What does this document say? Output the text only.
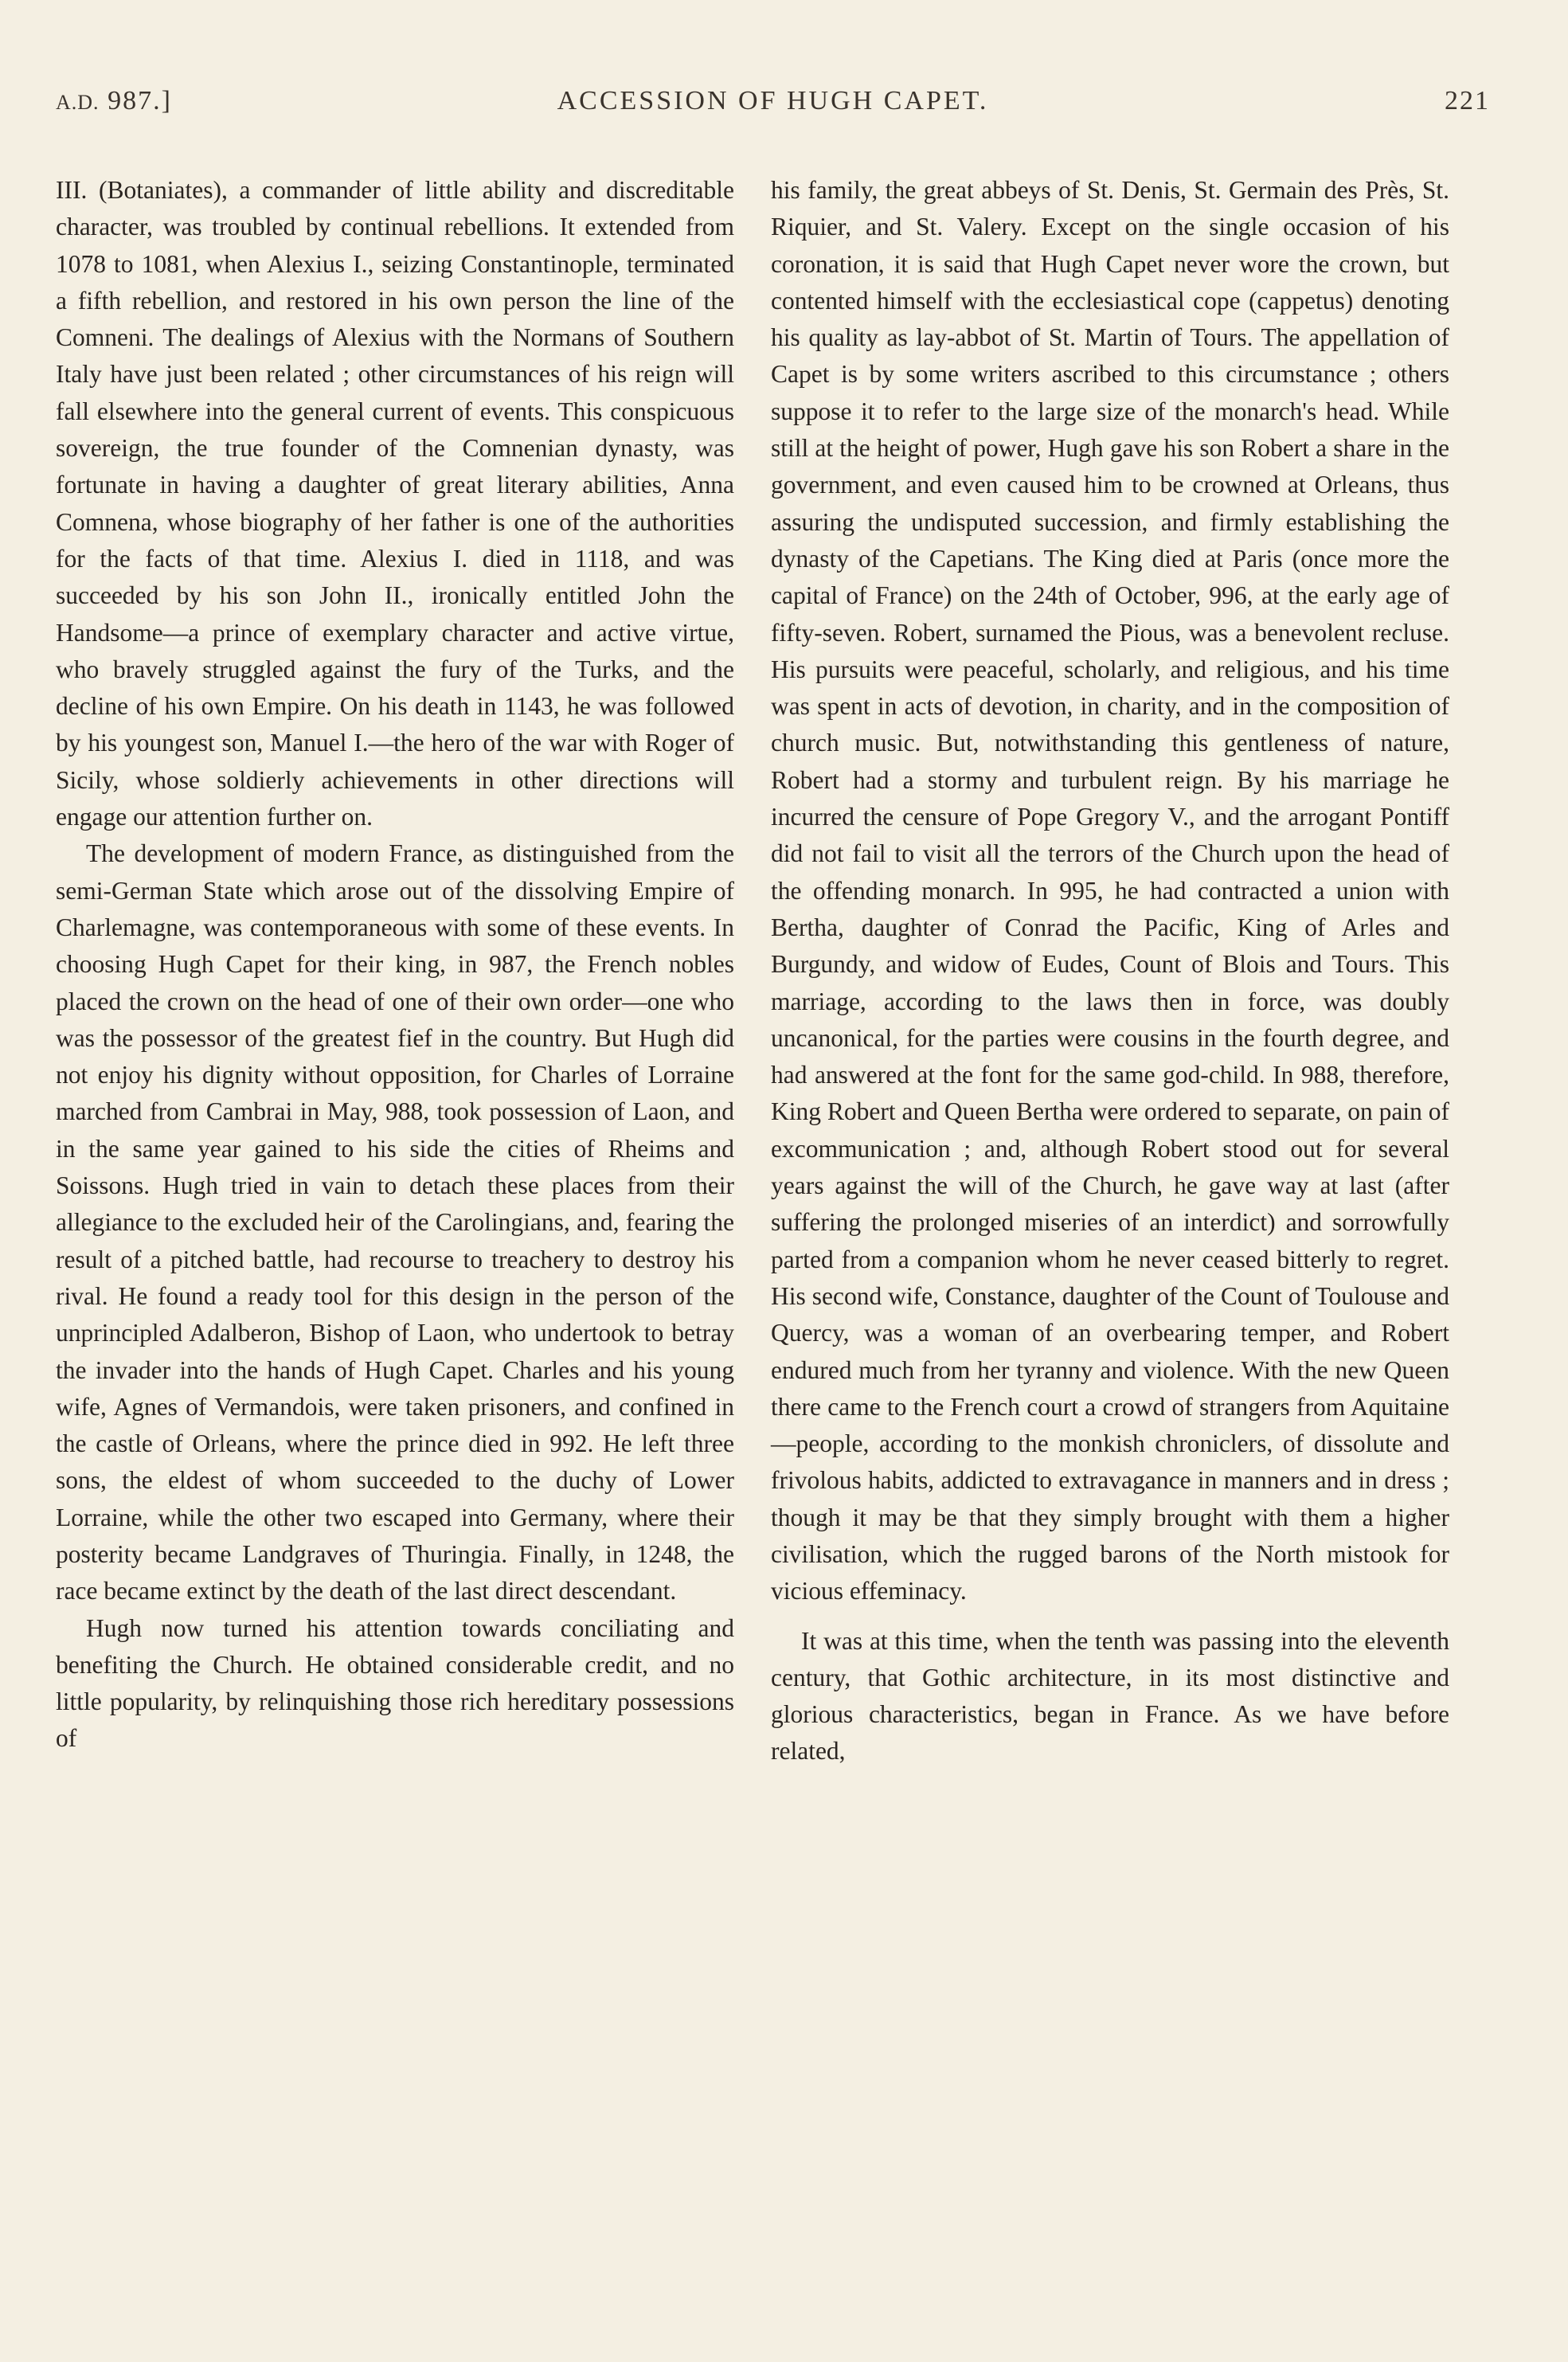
A.D. 987.]	ACCESSION OF HUGH CAPET.	221

III. (Botaniates), a commander of little ability and discreditable character, was troubled by continual rebellions. It extended from 1078 to 1081, when Alexius I., seizing Constantinople, terminated a fifth rebellion, and restored in his own person the line of the Comneni. The dealings of Alexius with the Normans of Southern Italy have just been related ; other circumstances of his reign will fall elsewhere into the general current of events. This conspicuous sovereign, the true founder of the Comnenian dynasty, was fortunate in having a daughter of great literary abilities, Anna Comnena, whose biography of her father is one of the authorities for the facts of that time. Alexius I. died in 1118, and was succeeded by his son John II., ironically entitled John the Handsome—a prince of exemplary character and active virtue, who bravely struggled against the fury of the Turks, and the decline of his own Empire. On his death in 1143, he was followed by his youngest son, Manuel I.—the hero of the war with Roger of Sicily, whose soldierly achievements in other directions will engage our attention further on.

The development of modern France, as distinguished from the semi-German State which arose out of the dissolving Empire of Charlemagne, was contemporaneous with some of these events. In choosing Hugh Capet for their king, in 987, the French nobles placed the crown on the head of one of their own order—one who was the possessor of the greatest fief in the country. But Hugh did not enjoy his dignity without opposition, for Charles of Lorraine marched from Cambrai in May, 988, took possession of Laon, and in the same year gained to his side the cities of Rheims and Soissons. Hugh tried in vain to detach these places from their allegiance to the excluded heir of the Carolingians, and, fearing the result of a pitched battle, had recourse to treachery to destroy his rival. He found a ready tool for this design in the person of the unprincipled Adalberon, Bishop of Laon, who undertook to betray the invader into the hands of Hugh Capet. Charles and his young wife, Agnes of Vermandois, were taken prisoners, and confined in the castle of Orleans, where the prince died in 992. He left three sons, the eldest of whom succeeded to the duchy of Lower Lorraine, while the other two escaped into Germany, where their posterity became Landgraves of Thuringia. Finally, in 1248, the race became extinct by the death of the last direct descendant.

Hugh now turned his attention towards conciliating and benefiting the Church. He obtained considerable credit, and no little popularity, by relinquishing those rich hereditary possessions of

his family, the great abbeys of St. Denis, St. Germain des Près, St. Riquier, and St. Valery. Except on the single occasion of his coronation, it is said that Hugh Capet never wore the crown, but contented himself with the ecclesiastical cope (cappetus) denoting his quality as lay-abbot of St. Martin of Tours. The appellation of Capet is by some writers ascribed to this circumstance ; others suppose it to refer to the large size of the monarch's head. While still at the height of power, Hugh gave his son Robert a share in the government, and even caused him to be crowned at Orleans, thus assuring the undisputed succession, and firmly establishing the dynasty of the Capetians. The King died at Paris (once more the capital of France) on the 24th of October, 996, at the early age of fifty-seven. Robert, surnamed the Pious, was a benevolent recluse. His pursuits were peaceful, scholarly, and religious, and his time was spent in acts of devotion, in charity, and in the composition of church music. But, notwithstanding this gentleness of nature, Robert had a stormy and turbulent reign. By his marriage he incurred the censure of Pope Gregory V., and the arrogant Pontiff did not fail to visit all the terrors of the Church upon the head of the offending monarch. In 995, he had contracted a union with Bertha, daughter of Conrad the Pacific, King of Arles and Burgundy, and widow of Eudes, Count of Blois and Tours. This marriage, according to the laws then in force, was doubly uncanonical, for the parties were cousins in the fourth degree, and had answered at the font for the same god-child. In 988, therefore, King Robert and Queen Bertha were ordered to separate, on pain of excommunication ; and, although Robert stood out for several years against the will of the Church, he gave way at last (after suffering the prolonged miseries of an interdict) and sorrowfully parted from a companion whom he never ceased bitterly to regret. His second wife, Constance, daughter of the Count of Toulouse and Quercy, was a woman of an overbearing temper, and Robert endured much from her tyranny and violence. With the new Queen there came to the French court a crowd of strangers from Aquitaine—people, according to the monkish chroniclers, of dissolute and frivolous habits, addicted to extravagance in manners and in dress ; though it may be that they simply brought with them a higher civilisation, which the rugged barons of the North mistook for vicious effeminacy.

It was at this time, when the tenth was passing into the eleventh century, that Gothic architecture, in its most distinctive and glorious characteristics, began in France. As we have before related,
